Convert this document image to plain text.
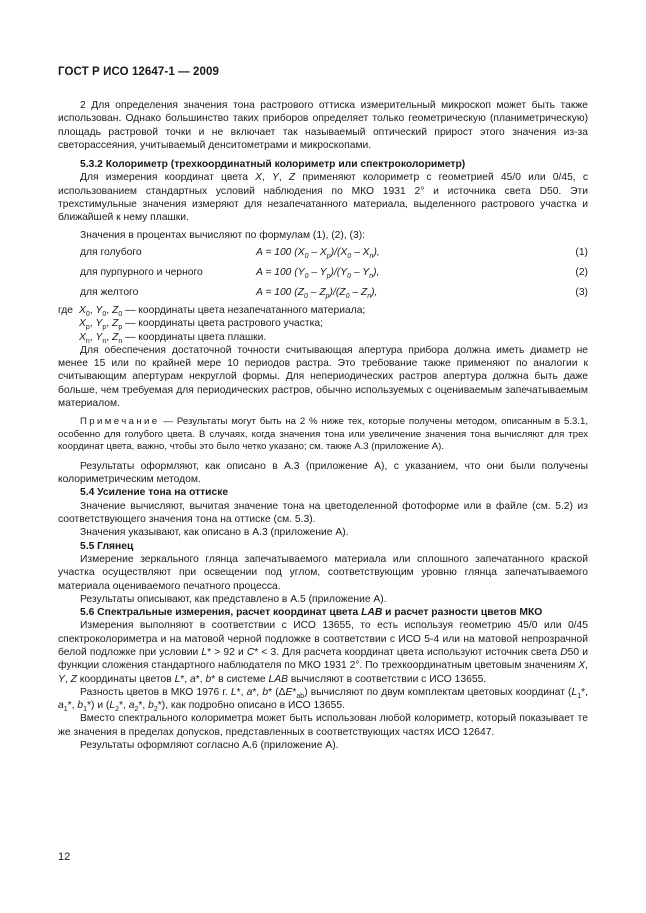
ГОСТ Р ИСО 12647-1 — 2009

2 Для определения значения тона растрового оттиска измерительный микроскоп может быть также использован. Однако большинство таких приборов определяет только геометрическую (планиметрическую) площадь растровой точки и не включает так называемый оптический прирост этого значения из-за светорассеяния, учитываемый денситометрами и микроскопами.

5.3.2 Колориметр (трехкоординатный колориметр или спектроколориметр)

Для измерения координат цвета X, Y, Z применяют колориметр с геометрией 45/0 или 0/45, с использованием стандартных условий наблюдения по МКО 1931 2° и источника света D50. Эти трехстимульные значения измеряют для незапечатанного материала, выделенного растрового участка и ближайшей к нему плашки.

Значения в процентах вычисляют по формулам (1), (2), (3):

для голубого	A = 100 $(X_0 - X_p)/(X_0 - X_n)$,	(1)
для пурпурного и черного	A = 100 $(Y_0 - Y_p)/(Y_0 - Y_n)$,	(2)
для желтого	A = 100 $(Z_0 - Z_p)/(Z_0 - Z_n)$,	(3)
где $X_0$, $Y_0$, $Z_0$ — координаты цвета незапечатанного материала;
$X_p$, $Y_p$, $Z_p$ — координаты цвета растрового участка;
$X_n$, $Y_n$, $Z_n$ — координаты цвета плашки.

Для обеспечения достаточной точности считывающая апертура прибора должна иметь диаметр не менее 15 или по крайней мере 10 периодов растра. Это требование также применяют по аналогии к считывающим апертурам некруглой формы. Для непериодических растров апертура должна быть даже больше, чем требуемая для периодических растров, обычно используемых с оцениваемым запечатываемым материалом.

Примечание — Результаты могут быть на 2 % ниже тех, которые получены методом, описанным в 5.3.1, особенно для голубого цвета. В случаях, когда значения тона или увеличение значения тона вычисляют для трех координат цвета, важно, чтобы это было четко указано; см. также А.3 (приложение А).

Результаты оформляют, как описано в А.3 (приложение А), с указанием, что они были получены колориметрическим методом.

5.4 Усиление тона на оттиске

Значение вычисляют, вычитая значение тона на цветоделенной фотоформе или в файле (см. 5.2) из соответствующего значения тона на оттиске (см. 5.3).

Значения указывают, как описано в А.3 (приложение А).

5.5 Глянец

Измерение зеркального глянца запечатываемого материала или сплошного запечатанного краской участка осуществляют при освещении под углом, соответствующим уровню глянца запечатываемого материала оцениваемого печатного процесса.

Результаты описывают, как представлено в А.5 (приложение А).

5.6 Спектральные измерения, расчет координат цвета LAB и расчет разности цветов МКО

Измерения выполняют в соответствии с ИСО 13655, то есть используя геометрию 45/0 или 0/45 спектроколориметра и на матовой черной подложке в соответствии с ИСО 5-4 или на матовой непрозрачной белой подложке при условии L* > 92 и C* < 3. Для расчета координат цвета используют источник света D50 и функции сложения стандартного наблюдателя по МКО 1931 2°. По трехкоординатным цветовым значениям X, Y, Z координаты цветов L*, a*, b* в системе LAB вычисляют в соответствии с ИСО 13655.

Разность цветов в МКО 1976 г. L*, a*, b* $(\Delta E*_{ab})$ вычисляют по двум комплектам цветовых координат ($L_1*$, $a_1*$, $b_1*$) и ($L_2*$, $a_2*$, $b_2*$), как подробно описано в ИСО 13655.

Вместо спектрального колориметра может быть использован любой колориметр, который показывает те же значения в пределах допусков, представленных в соответствующих частях ИСО 12647.

Результаты оформляют согласно А.6 (приложение А).

12
